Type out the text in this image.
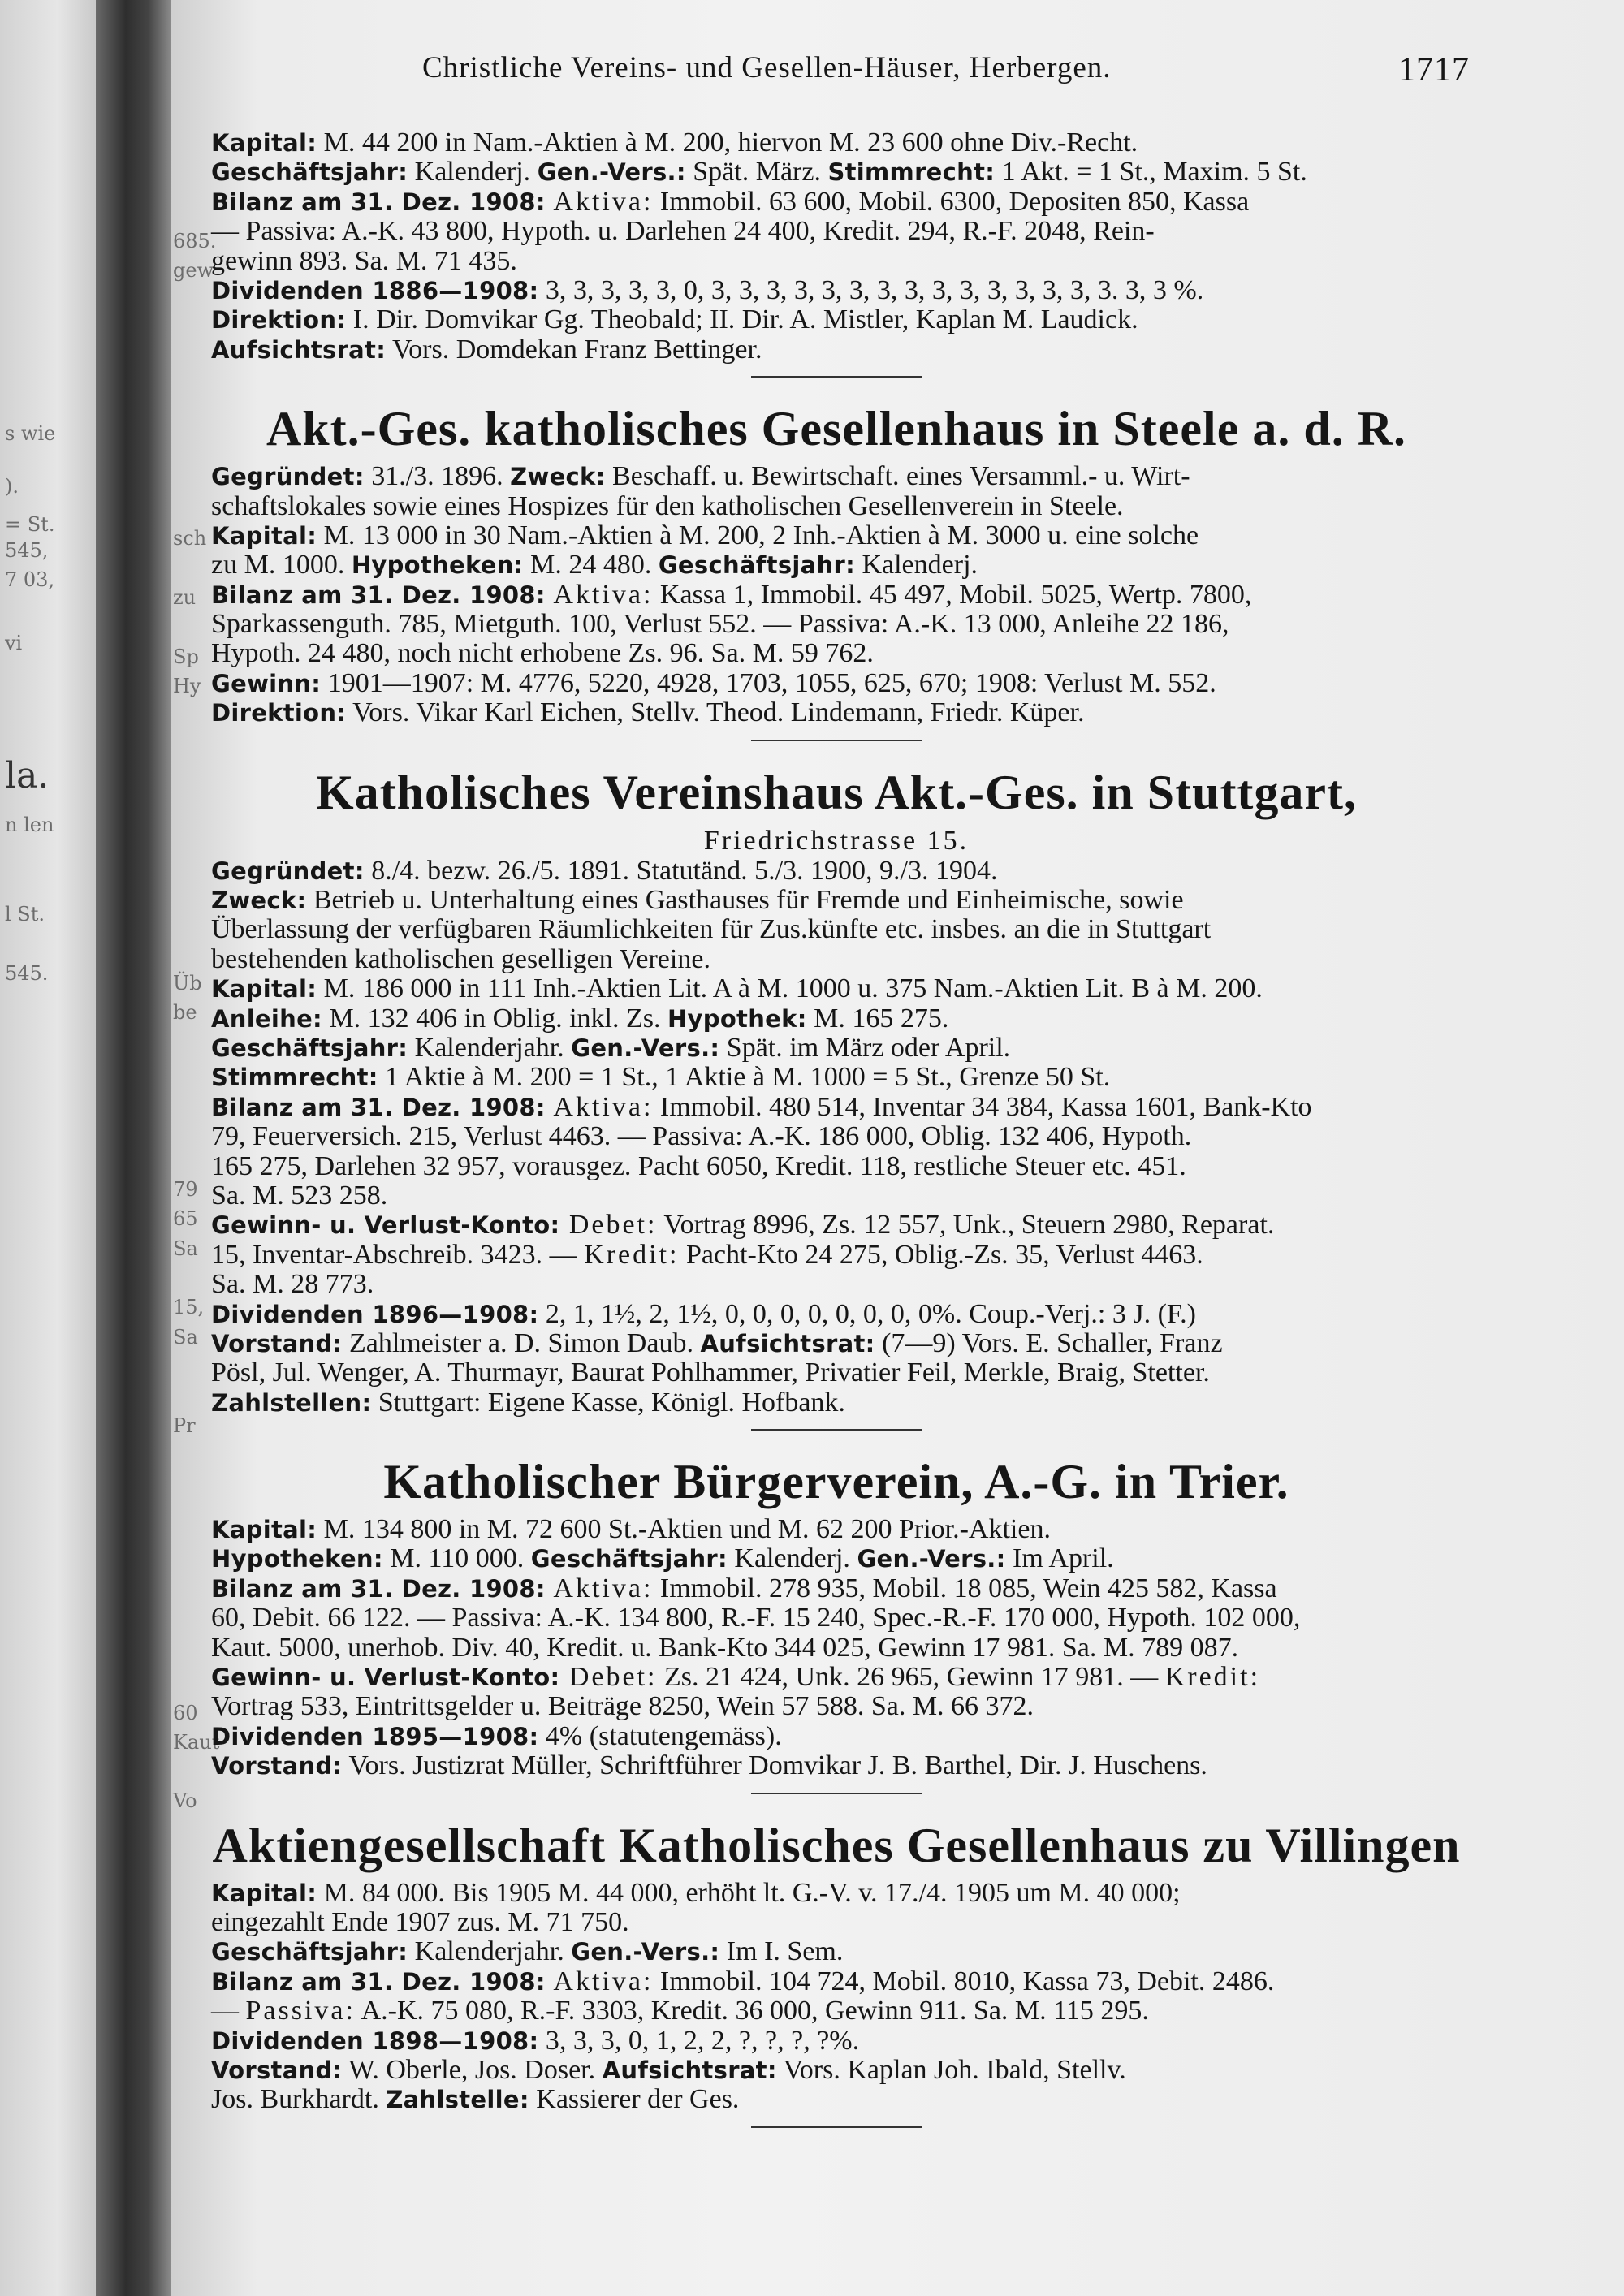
s wie
).
= St.
545,
7 03,
vi
la.
n len
l St.
545.
685.
gew
sch
zu
Sp
Hy
Üb
be
79
65
Sa
15,
Sa
Pr
60
Kaut
Vo
Christliche Vereins- und Gesellen-Häuser, Herbergen.	1717
Kapital: M. 44 200 in Nam.-Aktien à M. 200, hiervon M. 23 600 ohne Div.-Recht.
Geschäftsjahr: Kalenderj. Gen.-Vers.: Spät. März. Stimmrecht: 1 Akt. = 1 St., Maxim. 5 St.
Bilanz am 31. Dez. 1908: Aktiva: Immobil. 63 600, Mobil. 6300, Depositen 850, Kassa
— Passiva: A.-K. 43 800, Hypoth. u. Darlehen 24 400, Kredit. 294, R.-F. 2048, Rein-
gewinn 893. Sa. M. 71 435.
Dividenden 1886—1908: 3, 3, 3, 3, 3, 0, 3, 3, 3, 3, 3, 3, 3, 3, 3, 3, 3, 3, 3, 3, 3. 3, 3 %.
Direktion: I. Dir. Domvikar Gg. Theobald; II. Dir. A. Mistler, Kaplan M. Laudick.
Aufsichtsrat: Vors. Domdekan Franz Bettinger.
Akt.-Ges. katholisches Gesellenhaus in Steele a. d. R.
Gegründet: 31./3. 1896. Zweck: Beschaff. u. Bewirtschaft. eines Versamml.- u. Wirt-
schaftslokales sowie eines Hospizes für den katholischen Gesellenverein in Steele.
Kapital: M. 13 000 in 30 Nam.-Aktien à M. 200, 2 Inh.-Aktien à M. 3000 u. eine solche
zu M. 1000. Hypotheken: M. 24 480. Geschäftsjahr: Kalenderj.
Bilanz am 31. Dez. 1908: Aktiva: Kassa 1, Immobil. 45 497, Mobil. 5025, Wertp. 7800,
Sparkassenguth. 785, Mietguth. 100, Verlust 552. — Passiva: A.-K. 13 000, Anleihe 22 186,
Hypoth. 24 480, noch nicht erhobene Zs. 96. Sa. M. 59 762.
Gewinn: 1901—1907: M. 4776, 5220, 4928, 1703, 1055, 625, 670; 1908: Verlust M. 552.
Direktion: Vors. Vikar Karl Eichen, Stellv. Theod. Lindemann, Friedr. Küper.
Katholisches Vereinshaus Akt.-Ges. in Stuttgart,
Friedrichstrasse 15.
Gegründet: 8./4. bezw. 26./5. 1891. Statutänd. 5./3. 1900, 9./3. 1904.
Zweck: Betrieb u. Unterhaltung eines Gasthauses für Fremde und Einheimische, sowie
Überlassung der verfügbaren Räumlichkeiten für Zus.künfte etc. insbes. an die in Stuttgart
bestehenden katholischen geselligen Vereine.
Kapital: M. 186 000 in 111 Inh.-Aktien Lit. A à M. 1000 u. 375 Nam.-Aktien Lit. B à M. 200.
Anleihe: M. 132 406 in Oblig. inkl. Zs. Hypothek: M. 165 275.
Geschäftsjahr: Kalenderjahr. Gen.-Vers.: Spät. im März oder April.
Stimmrecht: 1 Aktie à M. 200 = 1 St., 1 Aktie à M. 1000 = 5 St., Grenze 50 St.
Bilanz am 31. Dez. 1908: Aktiva: Immobil. 480 514, Inventar 34 384, Kassa 1601, Bank-Kto
79, Feuerversich. 215, Verlust 4463. — Passiva: A.-K. 186 000, Oblig. 132 406, Hypoth.
165 275, Darlehen 32 957, vorausgez. Pacht 6050, Kredit. 118, restliche Steuer etc. 451.
Sa. M. 523 258.
Gewinn- u. Verlust-Konto: Debet: Vortrag 8996, Zs. 12 557, Unk., Steuern 2980, Reparat.
15, Inventar-Abschreib. 3423. — Kredit: Pacht-Kto 24 275, Oblig.-Zs. 35, Verlust 4463.
Sa. M. 28 773.
Dividenden 1896—1908: 2, 1, 1½, 2, 1½, 0, 0, 0, 0, 0, 0, 0, 0%. Coup.-Verj.: 3 J. (F.)
Vorstand: Zahlmeister a. D. Simon Daub. Aufsichtsrat: (7—9) Vors. E. Schaller, Franz
Pösl, Jul. Wenger, A. Thurmayr, Baurat Pohlhammer, Privatier Feil, Merkle, Braig, Stetter.
Zahlstellen: Stuttgart: Eigene Kasse, Königl. Hofbank.
Katholischer Bürgerverein, A.-G. in Trier.
Kapital: M. 134 800 in M. 72 600 St.-Aktien und M. 62 200 Prior.-Aktien.
Hypotheken: M. 110 000. Geschäftsjahr: Kalenderj. Gen.-Vers.: Im April.
Bilanz am 31. Dez. 1908: Aktiva: Immobil. 278 935, Mobil. 18 085, Wein 425 582, Kassa
60, Debit. 66 122. — Passiva: A.-K. 134 800, R.-F. 15 240, Spec.-R.-F. 170 000, Hypoth. 102 000,
Kaut. 5000, unerhob. Div. 40, Kredit. u. Bank-Kto 344 025, Gewinn 17 981. Sa. M. 789 087.
Gewinn- u. Verlust-Konto: Debet: Zs. 21 424, Unk. 26 965, Gewinn 17 981. — Kredit:
Vortrag 533, Eintrittsgelder u. Beiträge 8250, Wein 57 588. Sa. M. 66 372.
Dividenden 1895—1908: 4% (statutengemäss).
Vorstand: Vors. Justizrat Müller, Schriftführer Domvikar J. B. Barthel, Dir. J. Huschens.
Aktiengesellschaft Katholisches Gesellenhaus zu Villingen
Kapital: M. 84 000. Bis 1905 M. 44 000, erhöht lt. G.-V. v. 17./4. 1905 um M. 40 000;
eingezahlt Ende 1907 zus. M. 71 750.
Geschäftsjahr: Kalenderjahr. Gen.-Vers.: Im I. Sem.
Bilanz am 31. Dez. 1908: Aktiva: Immobil. 104 724, Mobil. 8010, Kassa 73, Debit. 2486.
— Passiva: A.-K. 75 080, R.-F. 3303, Kredit. 36 000, Gewinn 911. Sa. M. 115 295.
Dividenden 1898—1908: 3, 3, 3, 0, 1, 2, 2, ?, ?, ?, ?%.
Vorstand: W. Oberle, Jos. Doser. Aufsichtsrat: Vors. Kaplan Joh. Ibald, Stellv.
Jos. Burkhardt. Zahlstelle: Kassierer der Ges.
